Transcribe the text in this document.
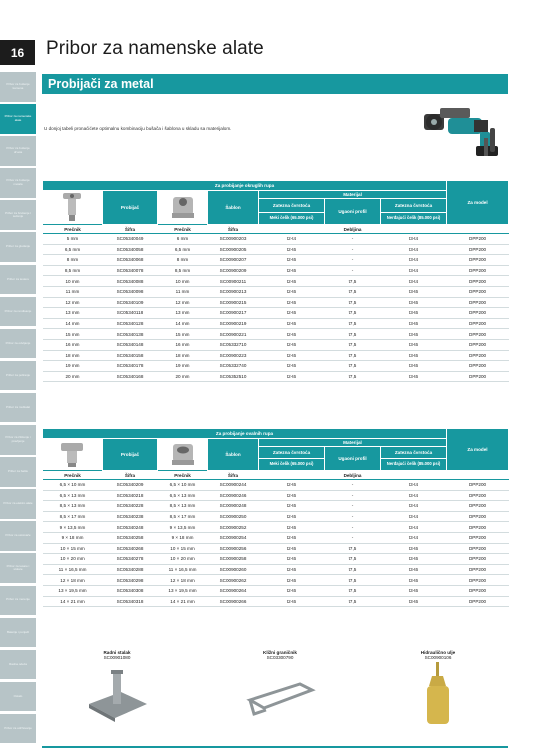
16	Pribor za namenske alate
Pribor za bušenje kamena
Pribor za namenske alate
Pribor za bušenje drveta
Pribor za bušenje metala
Pribor za brušenje i sečenje
Pribor za glodanje
Pribor za testere
Pribor za rendisanje
Pribor za odvijanje
Pribor za poliranje
Pribor za multialat
Pribor za čišćenje i pravljenje
Pribor za baštu
Pribor za elektro alate
Pribor za usisivače
Pribor za tesare i stolare
Pribor za merenje
Baterije i punjači
Radna odeća
Ostalo
Pribor za održavanje
Probijači za metal
U donjoj tabeli pronaćićete optimalnu kombinaciju bušača i šablona u skladu sa materijalom.
Za probijanje okruglih rupa							Za model
	Probijač		Šablon	Materijal			
				Zatezna čvrstoća	Ugaoni profil	Zatezna čvrstoća	
				Meki čelik (65.000 psi)		Nerđajući čelik (85.000 psi)	
Prečnik	Šifra	Prečnik	Šifra	Debljina			
5 mm	SC05340049	6 mm	SC00900203	t2-t4	-	t3-t4	DPP200
6,5 mm	SC05340058	6,5 mm	SC00900205	t2-t6	-	t3-t4	DPP200
8 mm	SC05340068	8 mm	SC00900207	t2-t6	-	t3-t4	DPP200
8,5 mm	SC05340078	8,5 mm	SC00900209	t2-t6	-	t3-t4	DPP200
10 mm	SC05340088	10 mm	SC00900211	t2-t6	t7,5	t3-t4	DPP200
11 mm	SC05340098	11 mm	SC00900213	t2-t6	t7,5	t3-t6	DPP200
12 mm	SC05340109	12 mm	SC00900215	t2-t6	t7,5	t3-t6	DPP200
13 mm	SC05340118	13 mm	SC00900217	t2-t6	t7,5	t3-t6	DPP200
14 mm	SC05340128	14 mm	SC00900219	t2-t6	t7,5	t3-t6	DPP200
15 mm	SC05340138	15 mm	SC00900221	t2-t6	t7,5	t3-t6	DPP200
16 mm	SC05340148	16 mm	SC05332710	t2-t6	t7,5	t3-t6	DPP200
18 mm	SC05340158	18 mm	SC00900223	t2-t6	t7,5	t3-t6	DPP200
19 mm	SC05340178	19 mm	SC05332740	t2-t6	t7,5	t3-t6	DPP200
20 mm	SC05340168	20 mm	SC05352510	t2-t6	t7,5	t3-t6	DPP200
Za probijanje ovalnih rupa							Za model
	Probijač		Šablon	Materijal			
				Zatezna čvrstoća	Ugaoni profil	Zatezna čvrstoća	
				Meki čelik (65.000 psi)		Nerđajući čelik (85.000 psi)	
Prečnik	Šifra	Prečnik	Šifra	Debljina			
6,5 × 10 mm	SC05340209	6,5 × 10 mm	SC00900244	t2-t6	-	t3-t4	DPP200
6,5 × 13 mm	SC05340218	6,5 × 13 mm	SC00900246	t2-t6	-	t3-t4	DPP200
8,5 × 13 mm	SC05340228	8,5 × 13 mm	SC00900248	t2-t6	-	t3-t4	DPP200
8,5 × 17 mm	SC05340238	8,5 × 17 mm	SC00900250	t2-t6	-	t3-t4	DPP200
9 × 13,5 mm	SC05340248	9 × 13,5 mm	SC00900252	t2-t6	-	t3-t4	DPP200
9 × 18 mm	SC05340258	9 × 18 mm	SC00900254	t2-t6	-	t3-t4	DPP200
10 × 15 mm	SC05340268	10 × 15 mm	SC00900256	t2-t6	t7,5	t3-t6	DPP200
10 × 20 mm	SC05340278	10 × 20 mm	SC00900258	t2-t6	t7,5	t3-t6	DPP200
11 × 16,5 mm	SC05340288	11 × 16,5 mm	SC00900260	t2-t6	t7,5	t3-t6	DPP200
12 × 18 mm	SC05340298	12 × 18 mm	SC00900262	t2-t6	t7,5	t3-t6	DPP200
13 × 19,5 mm	SC05340308	13 × 19,5 mm	SC00900264	t2-t6	t7,5	t3-t6	DPP200
14 × 21 mm	SC05340318	14 × 21 mm	SC00900266	t2-t6	t7,5	t3-t6	DPP200
Radni stalak
SC00901080
Kližni graničnik
SC03300790
Hidraulično ulje
SC00900106
